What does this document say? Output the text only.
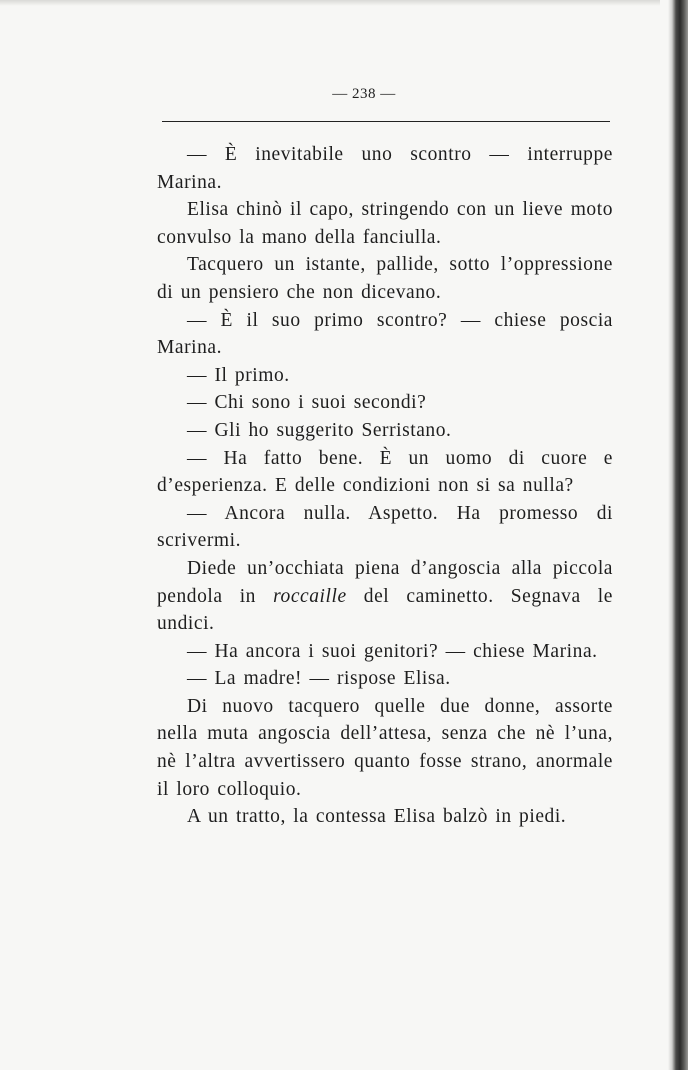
— 238 —

— È inevitabile uno scontro — interruppe Marina.

Elisa chinò il capo, stringendo con un lieve moto convulso la mano della fanciulla.

Tacquero un istante, pallide, sotto l’oppressione di un pensiero che non dicevano.

— È il suo primo scontro? — chiese poscia Marina.

— Il primo.

— Chi sono i suoi secondi?

— Gli ho suggerito Serristano.

— Ha fatto bene. È un uomo di cuore e d’esperienza. E delle condizioni non si sa nulla?

— Ancora nulla. Aspetto. Ha promesso di scrivermi.

Diede un’occhiata piena d’angoscia alla piccola pendola in roccaille del caminetto. Segnava le undici.

— Ha ancora i suoi genitori? — chiese Marina.

— La madre! — rispose Elisa.

Di nuovo tacquero quelle due donne, assorte nella muta angoscia dell’attesa, senza che nè l’una, nè l’altra avvertissero quanto fosse strano, anormale il loro colloquio.

A un tratto, la contessa Elisa balzò in piedi.
